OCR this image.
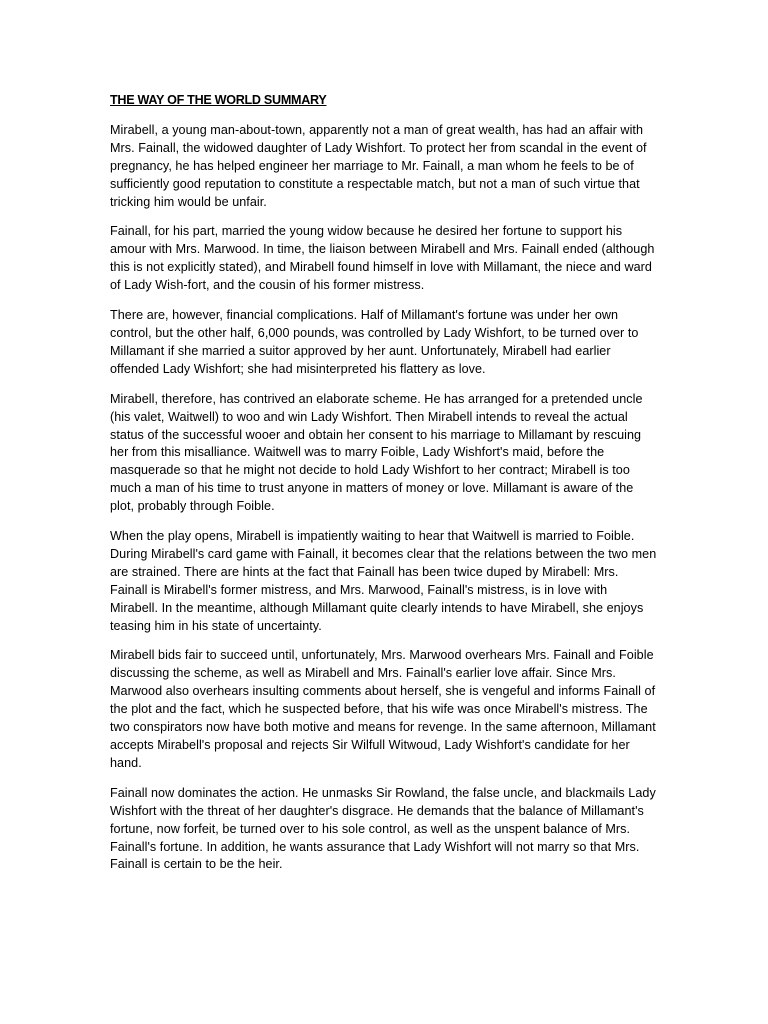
THE WAY OF THE WORLD SUMMARY

Mirabell, a young man-about-town, apparently not a man of great wealth, has had an affair with Mrs. Fainall, the widowed daughter of Lady Wishfort. To protect her from scandal in the event of pregnancy, he has helped engineer her marriage to Mr. Fainall, a man whom he feels to be of sufficiently good reputation to constitute a respectable match, but not a man of such virtue that tricking him would be unfair.

Fainall, for his part, married the young widow because he desired her fortune to support his amour with Mrs. Marwood. In time, the liaison between Mirabell and Mrs. Fainall ended (although this is not explicitly stated), and Mirabell found himself in love with Millamant, the niece and ward of Lady Wish-fort, and the cousin of his former mistress.

There are, however, financial complications. Half of Millamant's fortune was under her own control, but the other half, 6,000 pounds, was controlled by Lady Wishfort, to be turned over to Millamant if she married a suitor approved by her aunt. Unfortunately, Mirabell had earlier offended Lady Wishfort; she had misinterpreted his flattery as love.

Mirabell, therefore, has contrived an elaborate scheme. He has arranged for a pretended uncle (his valet, Waitwell) to woo and win Lady Wishfort. Then Mirabell intends to reveal the actual status of the successful wooer and obtain her consent to his marriage to Millamant by rescuing her from this misalliance. Waitwell was to marry Foible, Lady Wishfort's maid, before the masquerade so that he might not decide to hold Lady Wishfort to her contract; Mirabell is too much a man of his time to trust anyone in matters of money or love. Millamant is aware of the plot, probably through Foible.

When the play opens, Mirabell is impatiently waiting to hear that Waitwell is married to Foible. During Mirabell's card game with Fainall, it becomes clear that the relations between the two men are strained. There are hints at the fact that Fainall has been twice duped by Mirabell: Mrs. Fainall is Mirabell's former mistress, and Mrs. Marwood, Fainall's mistress, is in love with Mirabell. In the meantime, although Millamant quite clearly intends to have Mirabell, she enjoys teasing him in his state of uncertainty.

Mirabell bids fair to succeed until, unfortunately, Mrs. Marwood overhears Mrs. Fainall and Foible discussing the scheme, as well as Mirabell and Mrs. Fainall's earlier love affair. Since Mrs. Marwood also overhears insulting comments about herself, she is vengeful and informs Fainall of the plot and the fact, which he suspected before, that his wife was once Mirabell's mistress. The two conspirators now have both motive and means for revenge. In the same afternoon, Millamant accepts Mirabell's proposal and rejects Sir Wilfull Witwoud, Lady Wishfort's candidate for her hand.

Fainall now dominates the action. He unmasks Sir Rowland, the false uncle, and blackmails Lady Wishfort with the threat of her daughter's disgrace. He demands that the balance of Millamant's fortune, now forfeit, be turned over to his sole control, as well as the unspent balance of Mrs. Fainall's fortune. In addition, he wants assurance that Lady Wishfort will not marry so that Mrs. Fainall is certain to be the heir.
